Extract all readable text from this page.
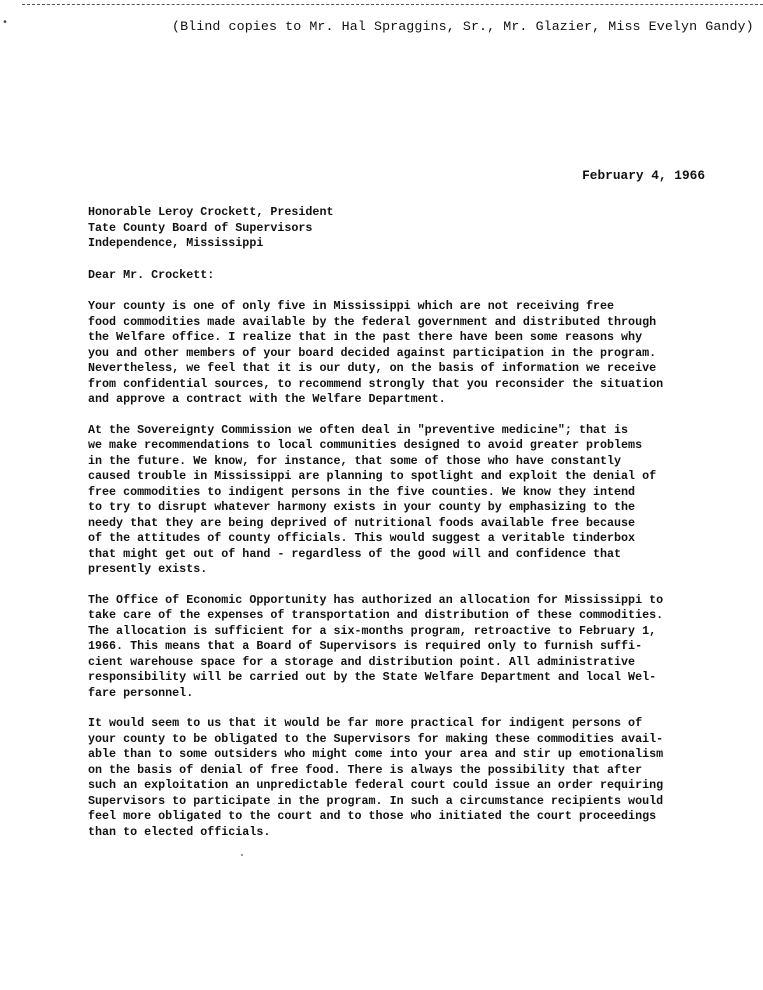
•	(Blind copies to Mr. Hal Spraggins, Sr., Mr. Glazier, Miss Evelyn Gandy)
February 4, 1966

Honorable Leroy Crockett, President
Tate County Board of Supervisors
Independence, Mississippi

Dear Mr. Crockett:

Your county is one of only five in Mississippi which are not receiving free
food commodities made available by the federal government and distributed through
the Welfare office. I realize that in the past there have been some reasons why
you and other members of your board decided against participation in the program.
Nevertheless, we feel that it is our duty, on the basis of information we receive
from confidential sources, to recommend strongly that you reconsider the situation
and approve a contract with the Welfare Department.

At the Sovereignty Commission we often deal in "preventive medicine"; that is
we make recommendations to local communities designed to avoid greater problems
in the future. We know, for instance, that some of those who have constantly
caused trouble in Mississippi are planning to spotlight and exploit the denial of
free commodities to indigent persons in the five counties. We know they intend
to try to disrupt whatever harmony exists in your county by emphasizing to the
needy that they are being deprived of nutritional foods available free because
of the attitudes of county officials. This would suggest a veritable tinderbox
that might get out of hand - regardless of the good will and confidence that
presently exists.

The Office of Economic Opportunity has authorized an allocation for Mississippi to
take care of the expenses of transportation and distribution of these commodities.
The allocation is sufficient for a six-months program, retroactive to February 1,
1966. This means that a Board of Supervisors is required only to furnish suffi-
cient warehouse space for a storage and distribution point. All administrative
responsibility will be carried out by the State Welfare Department and local Wel-
fare personnel.

It would seem to us that it would be far more practical for indigent persons of
your county to be obligated to the Supervisors for making these commodities avail-
able than to some outsiders who might come into your area and stir up emotionalism
on the basis of denial of free food. There is always the possibility that after
such an exploitation an unpredictable federal court could issue an order requiring
Supervisors to participate in the program. In such a circumstance recipients would
feel more obligated to the court and to those who initiated the court proceedings
than to elected officials.
